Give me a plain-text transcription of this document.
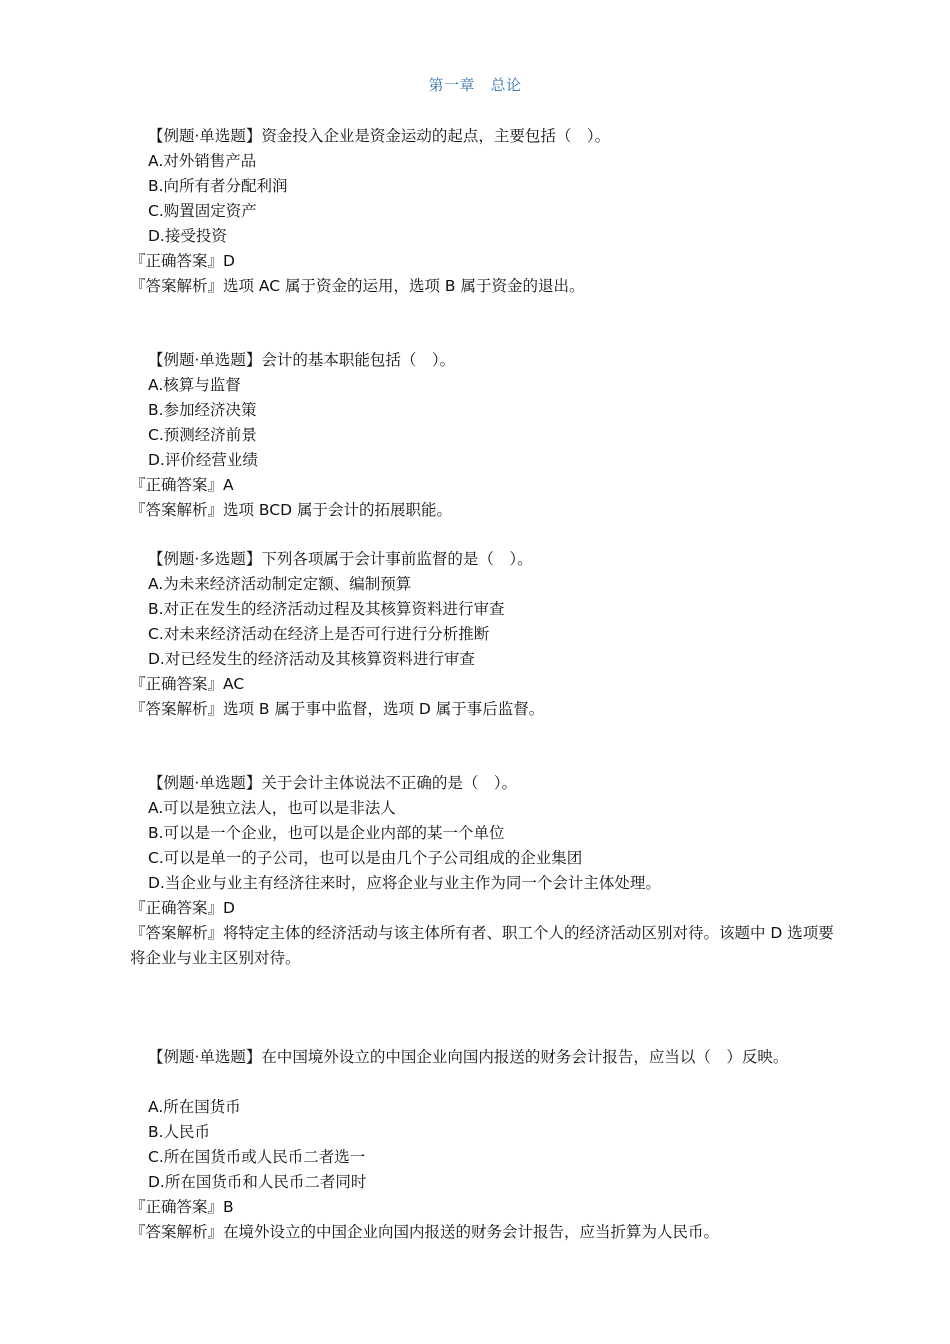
第一章　总论
【例题·单选题】资金投入企业是资金运动的起点，主要包括（　）。
A.对外销售产品
B.向所有者分配利润
C.购置固定资产
D.接受投资
『正确答案』D
『答案解析』选项 AC 属于资金的运用，选项 B 属于资金的退出。
【例题·单选题】会计的基本职能包括（　）。
A.核算与监督
B.参加经济决策
C.预测经济前景
D.评价经营业绩
『正确答案』A
『答案解析』选项 BCD 属于会计的拓展职能。
【例题·多选题】下列各项属于会计事前监督的是（　）。
A.为未来经济活动制定定额、编制预算
B.对正在发生的经济活动过程及其核算资料进行审查
C.对未来经济活动在经济上是否可行进行分析推断
D.对已经发生的经济活动及其核算资料进行审查
『正确答案』AC
『答案解析』选项 B 属于事中监督，选项 D 属于事后监督。
【例题·单选题】关于会计主体说法不正确的是（　）。
A.可以是独立法人，也可以是非法人
B.可以是一个企业，也可以是企业内部的某一个单位
C.可以是单一的子公司，也可以是由几个子公司组成的企业集团
D.当企业与业主有经济往来时，应将企业与业主作为同一个会计主体处理。
『正确答案』D
『答案解析』将特定主体的经济活动与该主体所有者、职工个人的经济活动区别对待。该题中 D 选项要将企业与业主区别对待。
【例题·单选题】在中国境外设立的中国企业向国内报送的财务会计报告，应当以（　）反映。
A.所在国货币
B.人民币
C.所在国货币或人民币二者选一
D.所在国货币和人民币二者同时
『正确答案』B
『答案解析』在境外设立的中国企业向国内报送的财务会计报告，应当折算为人民币。
